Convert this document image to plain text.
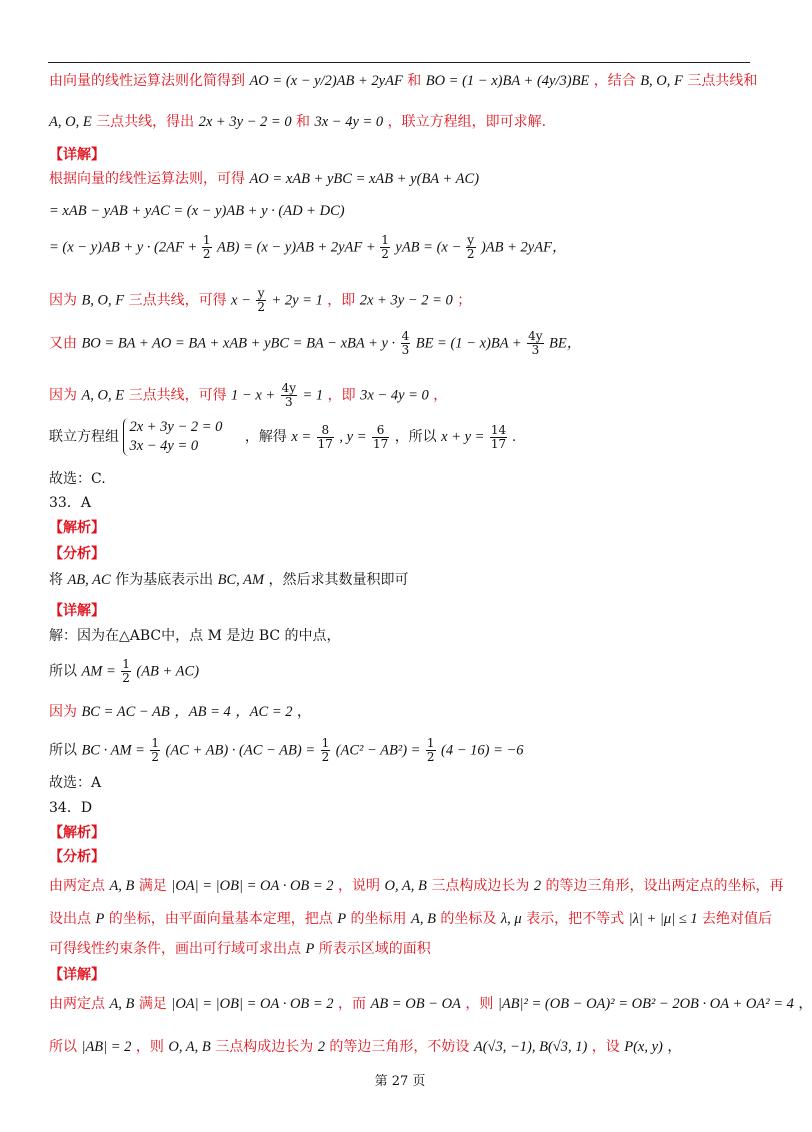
由向量的线性运算法则化简得到 AO = (x − y/2)AB + 2yAF 和 BO = (1 − x)BA + (4y/3)BE ，结合 B, O, F 三点共线和
A, O, E 三点共线，得出 2x + 3y − 2 = 0 和 3x − 4y = 0 ，联立方程组，即可求解.
【详解】
根据向量的线性运算法则，可得 AO = xAB + yBC = xAB + y(BA + AC)
= xAB − yAB + yAC = (x − y)AB + y · (AD + DC)
= $(x - y)AB + y \cdot (2AF + \frac{1}{2} AB) = (x - y)AB + 2yAF + \frac{1}{2}$ yAB = $(x - \frac{y}{2} )AB + 2yAF$，
因为 B, O, F 三点共线，可得 $x - \frac{y}{2} + 2y = 1$ ，即 2x + 3y − 2 = 0 ；
又由 BO = BA + AO = BA + xAB + yBC = BA − xBA + $y \cdot \frac{4}{3}$ BE = $(1 - x)BA + \frac{4y}{3}$ BE，
因为 A, O, E 三点共线，可得 $1 - x + \frac{4y}{3} = 1$ ，即 3x − 4y = 0 ，
联立方程组
2x + 3y − 2 = 0
3x − 4y = 0
，解得 $x = \frac{8}{17}$ , $y = \frac{6}{17}$ ，所以 $x + y = \frac{14}{17}$ .
故选：C.
33．A
【解析】
【分析】
将 AB, AC 作为基底表示出 BC, AM ，然后求其数量积即可
【详解】
解：因为在△ABC中，点 M 是边 BC 的中点，
所以 AM = $\frac{1}{2} (AB + AC)$
因为 BC = AC − AB ，AB = 4 ，AC = 2 ，
所以 BC · AM = $\frac{1}{2} (AC + AB) \cdot (AC - AB) = \frac{1}{2} (AC^2 - AB^2) = \frac{1}{2} (4 - 16) = -6$
故选：A
34．D
【解析】
【分析】
由两定点 A, B 满足 |OA| = |OB| = OA · OB = 2 ，说明 O, A, B 三点构成边长为 2 的等边三角形，设出两定点的坐标，再
设出点 P 的坐标，由平面向量基本定理，把点 P 的坐标用 A, B 的坐标及 λ, μ 表示，把不等式 |λ| + |μ| ≤ 1 去绝对值后
可得线性约束条件，画出可行域可求出点 P 所表示区域的面积
【详解】
由两定点 A, B 满足 |OA| = |OB| = OA · OB = 2 ，而 AB = OB − OA ，则 |AB|² = (OB − OA)² = OB² − 2OB · OA + OA² = 4 ，
所以 |AB| = 2 ，则 O, A, B 三点构成边长为 2 的等边三角形，不妨设 A(√3, −1), B(√3, 1) ，设 P(x, y) ，
第 27 页
